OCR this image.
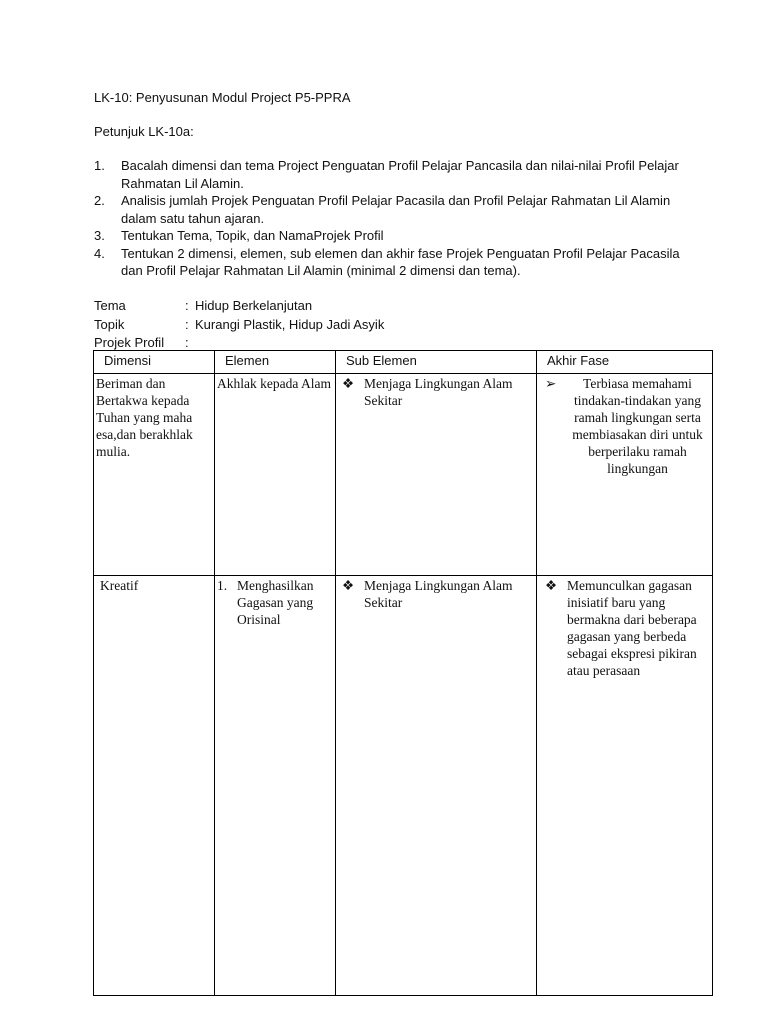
LK-10: Penyusunan Modul Project P5-PPRA
Petunjuk LK-10a:
1. Bacalah dimensi dan tema Project Penguatan Profil Pelajar Pancasila dan nilai-nilai Profil Pelajar Rahmatan Lil Alamin.
2. Analisis jumlah Projek Penguatan Profil Pelajar Pacasila dan Profil Pelajar Rahmatan Lil Alamin dalam satu tahun ajaran.
3. Tentukan Tema, Topik, dan NamaProjek Profil
4. Tentukan 2 dimensi, elemen, sub elemen dan akhir fase Projek Penguatan Profil Pelajar Pacasila dan Profil Pelajar Rahmatan Lil Alamin (minimal 2 dimensi dan tema).
Tema	: Hidup Berkelanjutan
Topik	: Kurangi Plastik, Hidup Jadi Asyik
Projek Profil :
Dimensi	Elemen	Sub Elemen	Akhir Fase
Beriman dan Bertakwa kepada Tuhan yang maha esa,dan berakhlak mulia.	Akhlak kepada Alam	❖ Menjaga Lingkungan Alam Sekitar	➢ Terbiasa memahami tindakan-tindakan yang ramah lingkungan serta membiasakan diri untuk berperilaku ramah lingkungan

Kreatif	1. Menghasilkan Gagasan yang Orisinal	❖ Menjaga Lingkungan Alam Sekitar	❖ Memunculkan gagasan inisiatif baru yang bermakna dari beberapa gagasan yang berbeda sebagai ekspresi pikiran atau perasaan
